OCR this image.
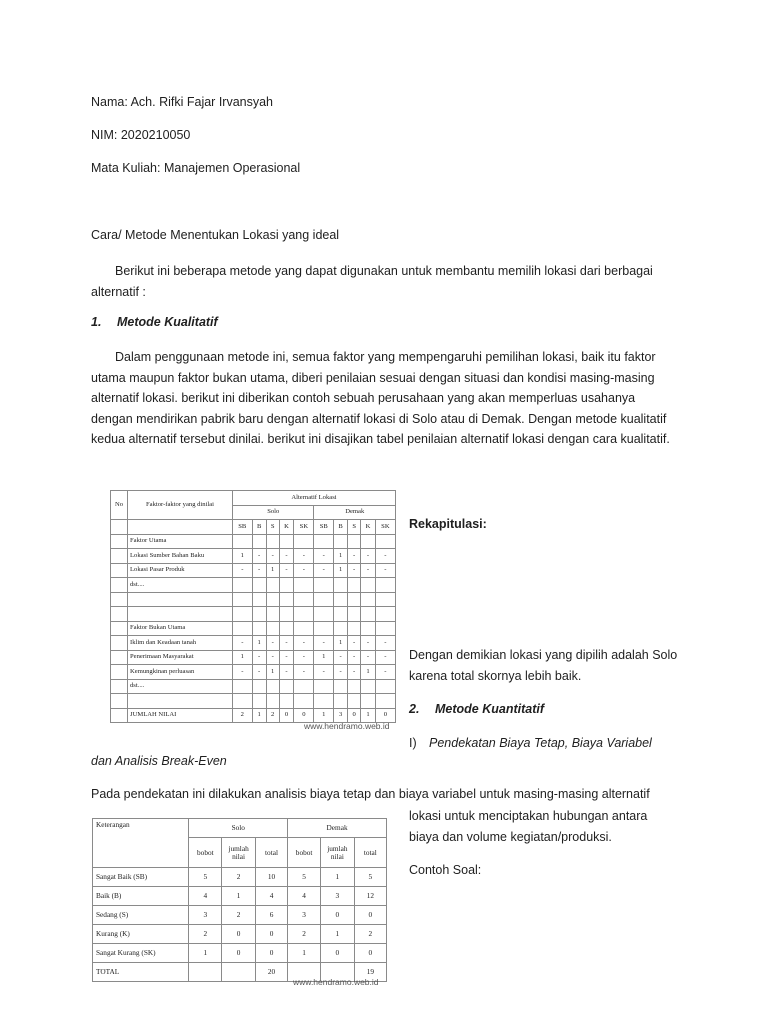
Nama: Ach. Rifki Fajar Irvansyah
NIM: 2020210050
Mata Kuliah: Manajemen Operasional
Cara/ Metode Menentukan Lokasi yang ideal
Berikut ini beberapa metode yang dapat digunakan untuk membantu memilih lokasi dari berbagai alternatif :
1. Metode Kualitatif
Dalam penggunaan metode ini, semua faktor yang mempengaruhi pemilihan lokasi, baik itu faktor utama maupun faktor bukan utama, diberi penilaian sesuai dengan situasi dan kondisi masing-masing alternatif lokasi. berikut ini diberikan contoh sebuah perusahaan yang akan memperluas usahanya dengan mendirikan pabrik baru dengan alternatif lokasi di Solo atau di Demak. Dengan metode kualitatif kedua alternatif tersebut dinilai. berikut ini disajikan tabel penilaian alternatif lokasi dengan cara kualitatif.
No	Faktor-faktor yang dinilai	Alternatif Lokasi									
		Solo					Demak				
		SB	B	S	K	SK	SB	B	S	K	SK
	Faktor Utama										
	Lokasi Sumber Bahan Baku	1	-	-	-	-	-	1	-	-	-
	Lokasi Pasar Produk	-	-	1	-	-	-	1	-	-	-
	dst....										

	Faktor Bukan Utama										
	Iklim dan Keadaan tanah	-	1	-	-	-	-	1	-	-	-
	Penerimaan Masyarakat	1	-	-	-	-	1	-	-	-	-
	Kemungkinan perluasan	-	-	1	-	-	-	-	-	1	-
	dst....										

	JUMLAH NILAI	2	1	2	0	0	1	3	0	1	0
www.hendramo.web.id
Rekapitulasi:
Dengan demikian lokasi yang dipilih adalah Solo karena total skornya lebih baik.
2. Metode Kuantitatif
I) Pendekatan Biaya Tetap, Biaya Variabel
dan Analisis Break-Even
Pada pendekatan ini dilakukan analisis biaya tetap dan biaya variabel untuk masing-masing alternatif
lokasi untuk menciptakan hubungan antara biaya dan volume kegiatan/produksi.
Contoh Soal:
Keterangan	Solo			Demak		
	bobot	jumlah nilai	total	bobot	jumlah nilai	total
Sangat Baik (SB)	5	2	10	5	1	5
Baik (B)	4	1	4	4	3	12
Sedang (S)	3	2	6	3	0	0
Kurang (K)	2	0	0	2	1	2
Sangat Kurang (SK)	1	0	0	1	0	0
TOTAL			20			19
www.hendramo.web.id
